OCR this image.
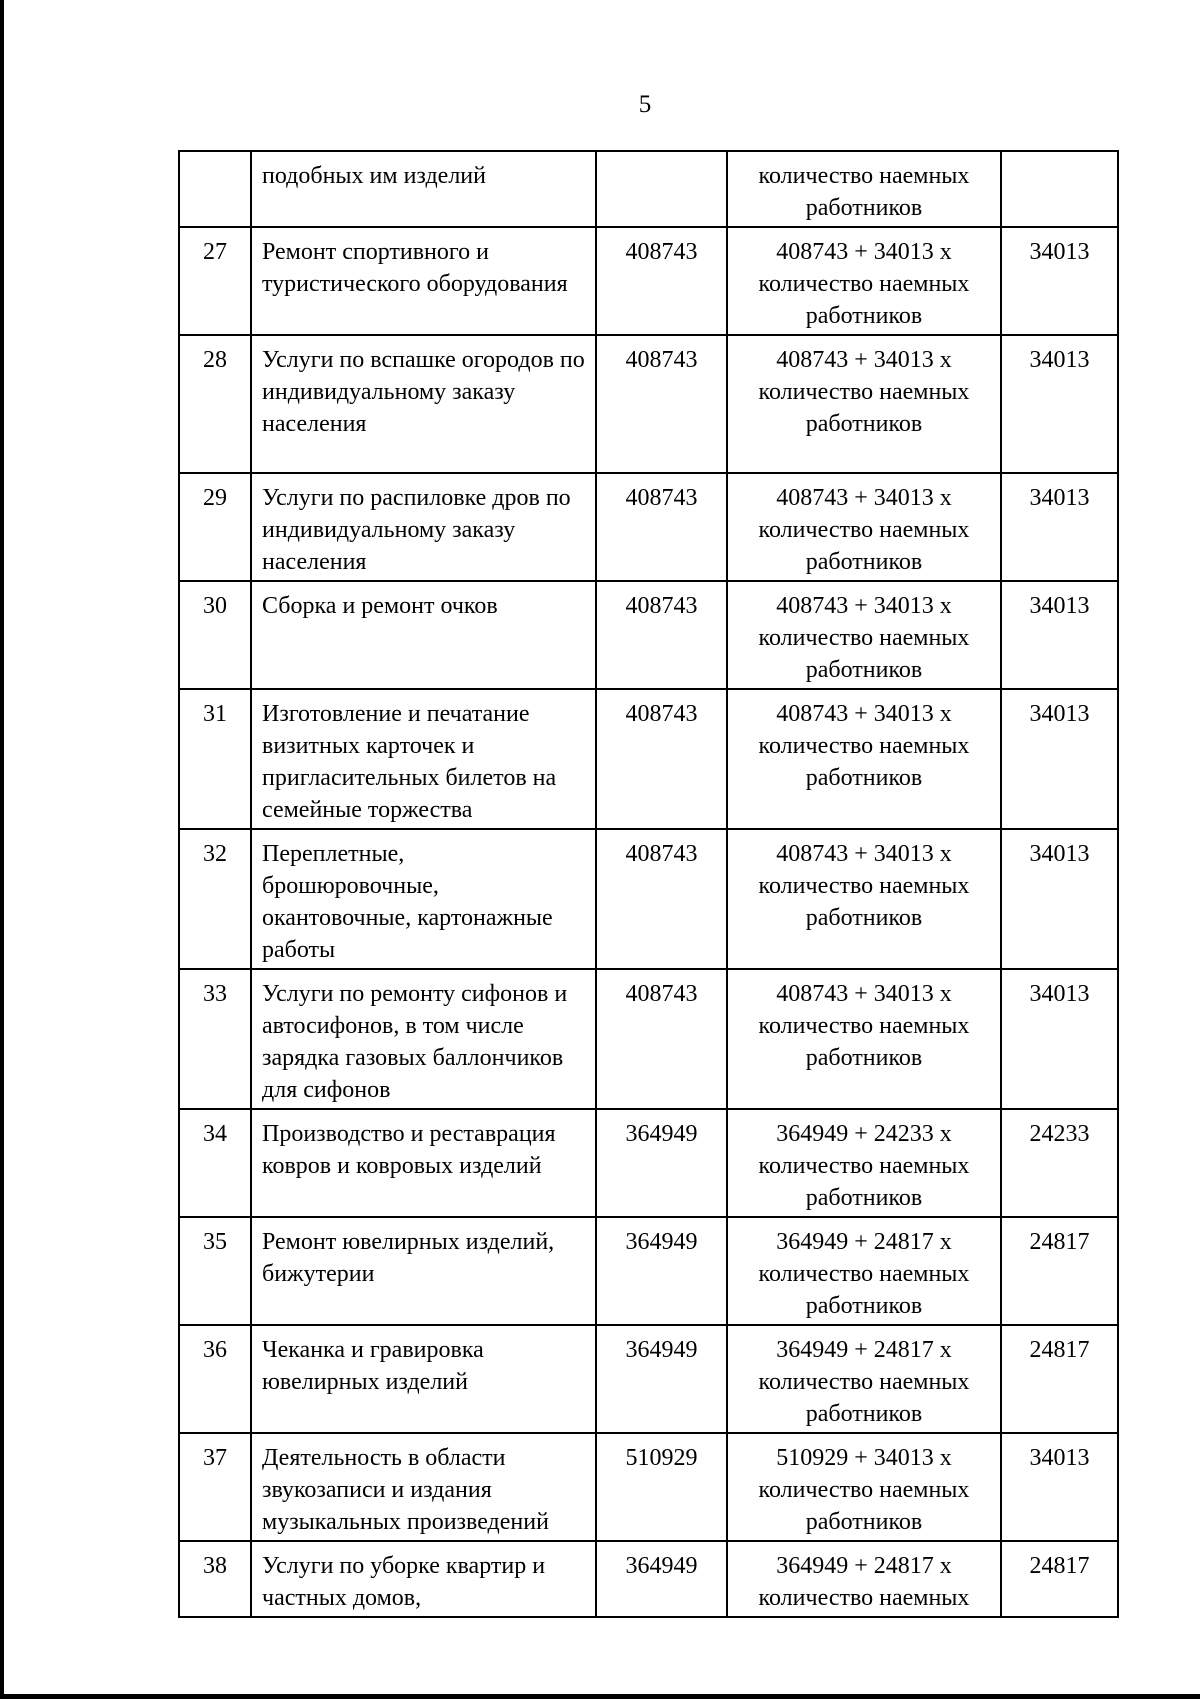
5
	подобных им изделий		количество наемных работников	
27	Ремонт спортивного и туристического оборудования	408743	408743 + 34013 х количество наемных работников	34013
28	Услуги по вспашке огородов по индивидуальному заказу населения	408743	408743 + 34013 х количество наемных работников	34013
29	Услуги по распиловке дров по индивидуальному заказу населения	408743	408743 + 34013 х количество наемных работников	34013
30	Сборка и ремонт очков	408743	408743 + 34013 х количество наемных работников	34013
31	Изготовление и печатание визитных карточек и пригласительных билетов на семейные торжества	408743	408743 + 34013 х количество наемных работников	34013
32	Переплетные, брошюровочные, окантовочные, картонажные работы	408743	408743 + 34013 х количество наемных работников	34013
33	Услуги по ремонту сифонов и автосифонов, в том числе зарядка газовых баллончиков для сифонов	408743	408743 + 34013 х количество наемных работников	34013
34	Производство и реставрация ковров и ковровых изделий	364949	364949 + 24233 х количество наемных работников	24233
35	Ремонт ювелирных изделий, бижутерии	364949	364949 + 24817 х количество наемных работников	24817
36	Чеканка и гравировка ювелирных изделий	364949	364949 + 24817 х количество наемных работников	24817
37	Деятельность в области звукозаписи и издания музыкальных произведений	510929	510929 + 34013 х количество наемных работников	34013
38	Услуги по уборке квартир и частных домов,	364949	364949 + 24817 х количество наемных	24817
